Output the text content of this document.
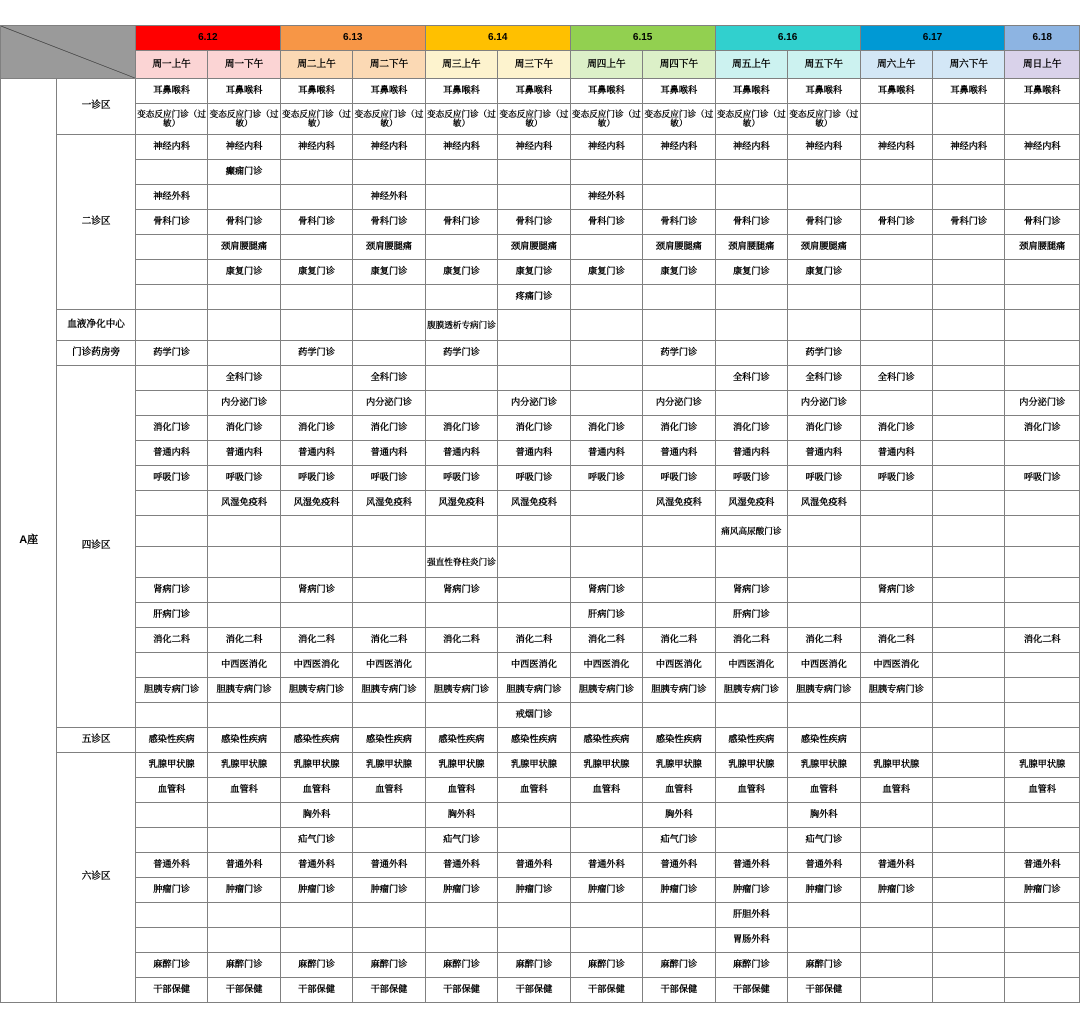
	6.12		6.13		6.14		6.15		6.16		6.17		6.18
		周一上午	周一下午	周二上午	周二下午	周三上午	周三下午	周四上午	周四下午	周五上午	周五下午	周六上午	周六下午	周日上午
A座	一诊区	耳鼻喉科	耳鼻喉科	耳鼻喉科	耳鼻喉科	耳鼻喉科	耳鼻喉科	耳鼻喉科	耳鼻喉科	耳鼻喉科	耳鼻喉科	耳鼻喉科	耳鼻喉科	耳鼻喉科
		变态反应门诊（过敏）	变态反应门诊（过敏）	变态反应门诊（过敏）	变态反应门诊（过敏）	变态反应门诊（过敏）	变态反应门诊（过敏）	变态反应门诊（过敏）	变态反应门诊（过敏）	变态反应门诊（过敏）	变态反应门诊（过敏）			
	二诊区	神经内科	神经内科	神经内科	神经内科	神经内科	神经内科	神经内科	神经内科	神经内科	神经内科	神经内科	神经内科	神经内科
			癫痫门诊											
		神经外科			神经外科			神经外科						
		骨科门诊	骨科门诊	骨科门诊	骨科门诊	骨科门诊	骨科门诊	骨科门诊	骨科门诊	骨科门诊	骨科门诊	骨科门诊	骨科门诊	骨科门诊
			颈肩腰腿痛		颈肩腰腿痛		颈肩腰腿痛		颈肩腰腿痛	颈肩腰腿痛	颈肩腰腿痛			颈肩腰腿痛
			康复门诊	康复门诊	康复门诊	康复门诊	康复门诊	康复门诊	康复门诊	康复门诊	康复门诊			
							疼痛门诊							
	血液净化中心					腹膜透析专病门诊								
	门诊药房旁	药学门诊		药学门诊		药学门诊			药学门诊		药学门诊			
	四诊区		全科门诊		全科门诊					全科门诊	全科门诊	全科门诊		
			内分泌门诊		内分泌门诊		内分泌门诊		内分泌门诊		内分泌门诊			内分泌门诊
		消化门诊	消化门诊	消化门诊	消化门诊	消化门诊	消化门诊	消化门诊	消化门诊	消化门诊	消化门诊	消化门诊		消化门诊
		普通内科	普通内科	普通内科	普通内科	普通内科	普通内科	普通内科	普通内科	普通内科	普通内科	普通内科		
		呼吸门诊	呼吸门诊	呼吸门诊	呼吸门诊	呼吸门诊	呼吸门诊	呼吸门诊	呼吸门诊	呼吸门诊	呼吸门诊	呼吸门诊		呼吸门诊
			风湿免疫科	风湿免疫科	风湿免疫科	风湿免疫科	风湿免疫科		风湿免疫科	风湿免疫科	风湿免疫科			
										痛风高尿酸门诊				
						强直性脊柱炎门诊								
		肾病门诊		肾病门诊		肾病门诊		肾病门诊		肾病门诊		肾病门诊		
		肝病门诊						肝病门诊		肝病门诊				
		消化二科	消化二科	消化二科	消化二科	消化二科	消化二科	消化二科	消化二科	消化二科	消化二科	消化二科		消化二科
			中西医消化	中西医消化	中西医消化		中西医消化	中西医消化	中西医消化	中西医消化	中西医消化	中西医消化		
		胆胰专病门诊	胆胰专病门诊	胆胰专病门诊	胆胰专病门诊	胆胰专病门诊	胆胰专病门诊	胆胰专病门诊	胆胰专病门诊	胆胰专病门诊	胆胰专病门诊	胆胰专病门诊		
							戒烟门诊							
	五诊区	感染性疾病	感染性疾病	感染性疾病	感染性疾病	感染性疾病	感染性疾病	感染性疾病	感染性疾病	感染性疾病	感染性疾病			
	六诊区	乳腺甲状腺	乳腺甲状腺	乳腺甲状腺	乳腺甲状腺	乳腺甲状腺	乳腺甲状腺	乳腺甲状腺	乳腺甲状腺	乳腺甲状腺	乳腺甲状腺	乳腺甲状腺		乳腺甲状腺
		血管科	血管科	血管科	血管科	血管科	血管科	血管科	血管科	血管科	血管科	血管科		血管科
				胸外科		胸外科			胸外科		胸外科			
				疝气门诊		疝气门诊			疝气门诊		疝气门诊			
		普通外科	普通外科	普通外科	普通外科	普通外科	普通外科	普通外科	普通外科	普通外科	普通外科	普通外科		普通外科
		肿瘤门诊	肿瘤门诊	肿瘤门诊	肿瘤门诊	肿瘤门诊	肿瘤门诊	肿瘤门诊	肿瘤门诊	肿瘤门诊	肿瘤门诊	肿瘤门诊		肿瘤门诊
										肝胆外科				
										胃肠外科				
		麻醉门诊	麻醉门诊	麻醉门诊	麻醉门诊	麻醉门诊	麻醉门诊	麻醉门诊	麻醉门诊	麻醉门诊	麻醉门诊			
		干部保健	干部保健	干部保健	干部保健	干部保健	干部保健	干部保健	干部保健	干部保健	干部保健			
